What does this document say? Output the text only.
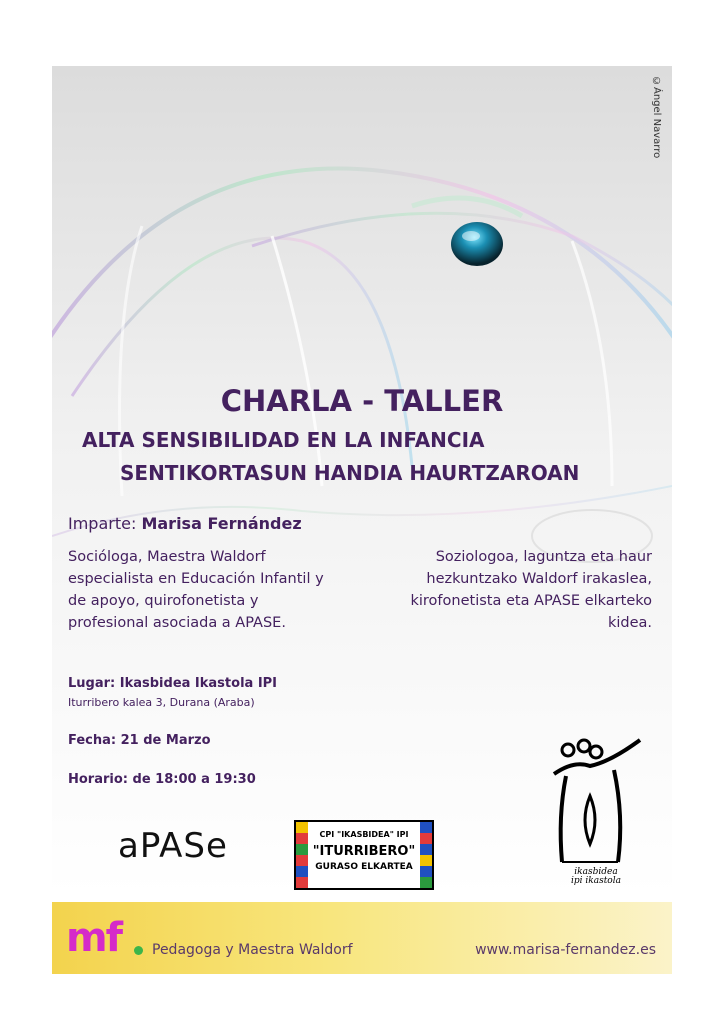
©Ángel Navarro
CHARLA - TALLER
ALTA SENSIBILIDAD EN LA INFANCIA
SENTIKORTASUN HANDIA HAURTZAROAN
Imparte: Marisa Fernández
Socióloga, Maestra Waldorf
especialista en Educación Infantil y
de apoyo, quirofonetista y
profesional asociada a APASE.
Soziologoa, laguntza eta haur
hezkuntzako Waldorf irakaslea,
kirofonetista eta APASE elkarteko
kidea.
Lugar: Ikasbidea Ikastola IPI
Iturribero kalea 3, Durana (Araba)
Fecha: 21 de Marzo
Horario: de 18:00 a 19:30
aPASe	CPI "IKASBIDEA" IPI
"ITURRIBERO"
GURASO ELKARTEA	ikasbidea
ipi ikastola
mf Pedagoga y Maestra Waldorf	www.marisa-fernandez.es
